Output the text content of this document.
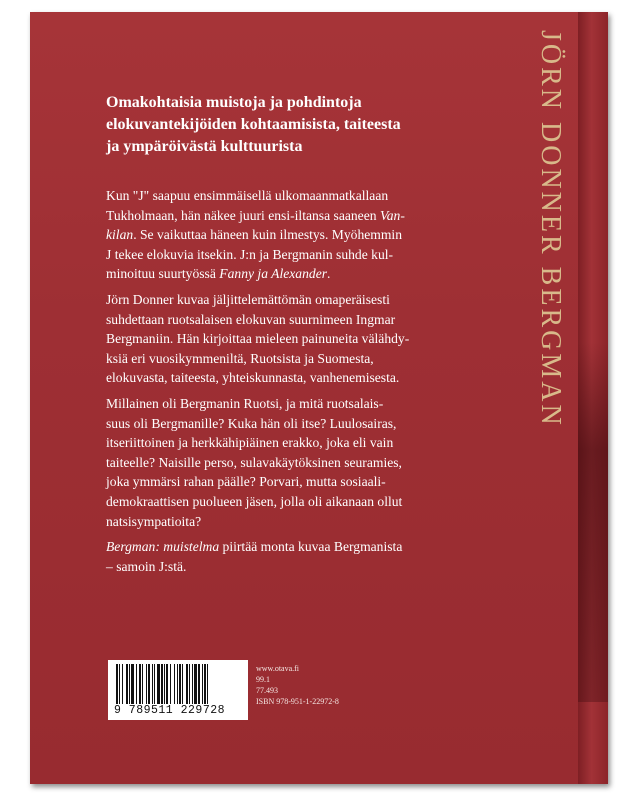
JÖRN DONNER BERGMAN
Omakohtaisia muistoja ja pohdintoja
elokuvantekijöiden kohtaamisista, taiteesta
ja ympäröivästä kulttuurista
Kun "J" saapuu ensimmäisellä ulkomaanmatkallaan
Tukholmaan, hän näkee juuri ensi-iltansa saaneen Van-
kilan. Se vaikuttaa häneen kuin ilmestys. Myöhemmin
J tekee elokuvia itsekin. J:n ja Bergmanin suhde kul-
minoituu suurtyössä Fanny ja Alexander.
Jörn Donner kuvaa jäljittelemättömän omaperäisesti
suhdettaan ruotsalaisen elokuvan suurnimeen Ingmar
Bergmaniin. Hän kirjoittaa mieleen painuneita välähdy-
ksiä eri vuosikymmeniltä, Ruotsista ja Suomesta,
elokuvasta, taiteesta, yhteiskunnasta, vanhenemisesta.
Millainen oli Bergmanin Ruotsi, ja mitä ruotsalais-
suus oli Bergmanille? Kuka hän oli itse? Luulosairas,
itseriittoinen ja herkkähipiäinen erakko, joka eli vain
taiteelle? Naisille perso, sulavakäytöksinen seuramies,
joka ymmärsi rahan päälle? Porvari, mutta sosiaali-
demokraattisen puolueen jäsen, jolla oli aikanaan ollut
natsisympatioita?
Bergman: muistelma piirtää monta kuvaa Bergmanista
– samoin J:stä.
9 789511 229728
www.otava.fi
99.1
77.493
ISBN 978-951-1-22972-8
